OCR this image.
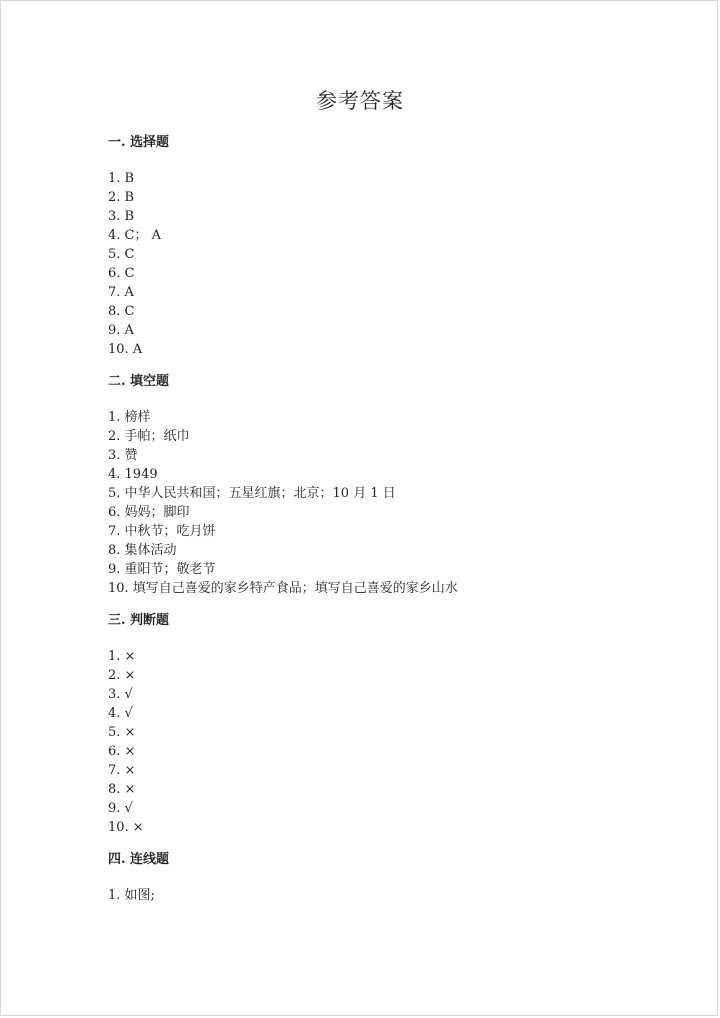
参考答案
一. 选择题
1. B
2. B
3. B
4. C； A
5. C
6. C
7. A
8. C
9. A
10. A
二. 填空题
1. 榜样
2. 手帕；纸巾
3. 赞
4. 1949
5. 中华人民共和国；五星红旗；北京；10 月 1 日
6. 妈妈；脚印
7. 中秋节；吃月饼
8. 集体活动
9. 重阳节；敬老节
10. 填写自己喜爱的家乡特产食品；填写自己喜爱的家乡山水
三. 判断题
1. ×
2. ×
3. √
4. √
5. ×
6. ×
7. ×
8. ×
9. √
10. ×
四. 连线题
1. 如图;
